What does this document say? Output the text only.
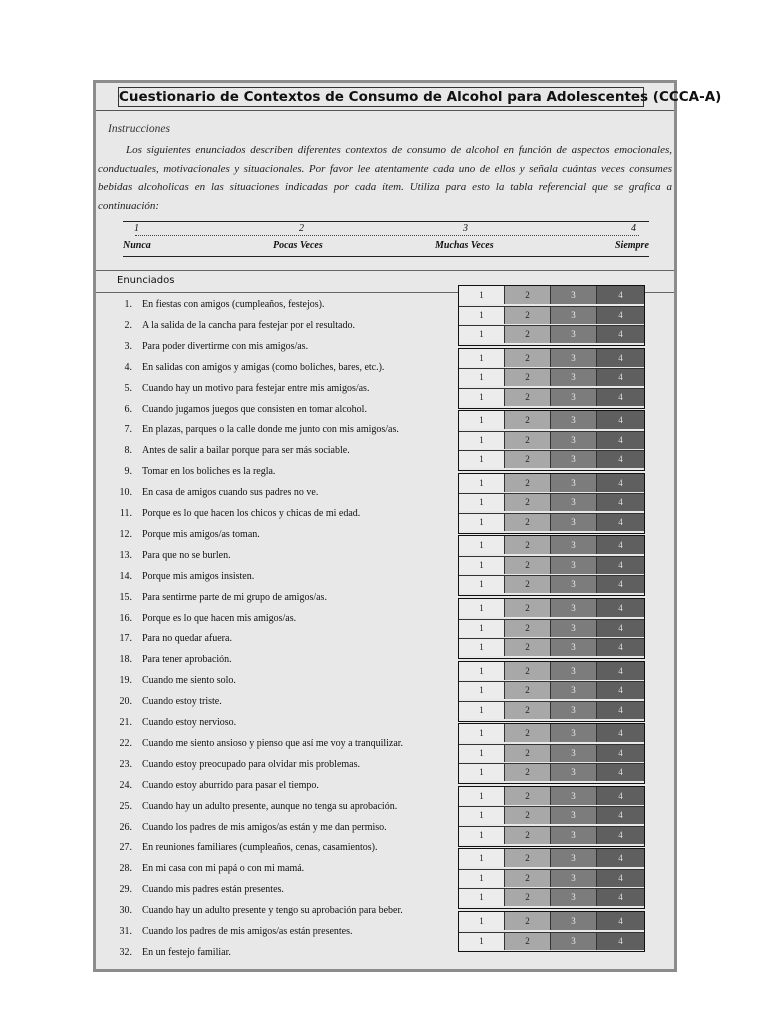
Cuestionario de Contextos de Consumo de Alcohol para Adolescentes (CCCA-A)
Instrucciones
Los siguientes enunciados describen diferentes contextos de consumo de alcohol en función de aspectos emocionales, conductuales, motivacionales y situacionales. Por favor lee atentamente cada uno de ellos y señala cuántas veces consumes bebidas alcoholicas en las situaciones indicadas por cada ítem. Utiliza para esto la tabla referencial que se grafica a continuación:
1	2	3	4
Nunca	Pocas Veces	Muchas Veces	Siempre
Enunciados
1. En fiestas con amigos (cumpleaños, festejos).
2. A la salida de la cancha para festejar por el resultado.
3. Para poder divertirme con mis amigos/as.
4. En salidas con amigos y amigas (como boliches, bares, etc.).
5. Cuando hay un motivo para festejar entre mis amigos/as.
6. Cuando jugamos juegos que consisten en tomar alcohol.
7. En plazas, parques o la calle donde me junto con mis amigos/as.
8. Antes de salir a bailar porque para ser más sociable.
9. Tomar en los boliches es la regla.
10. En casa de amigos cuando sus padres no ve.
11. Porque es lo que hacen los chicos y chicas de mi edad.
12. Porque mis amigos/as toman.
13. Para que no se burlen.
14. Porque mis amigos insisten.
15. Para sentirme parte de mi grupo de amigos/as.
16. Porque es lo que hacen mis amigos/as.
17. Para no quedar afuera.
18. Para tener aprobación.
19. Cuando me siento solo.
20. Cuando estoy triste.
21. Cuando estoy nervioso.
22. Cuando me siento ansioso y pienso que así me voy a tranquilizar.
23. Cuando estoy preocupado para olvidar mis problemas.
24. Cuando estoy aburrido para pasar el tiempo.
25. Cuando hay un adulto presente, aunque no tenga su aprobación.
26. Cuando los padres de mis amigos/as están y me dan permiso.
27. En reuniones familiares (cumpleaños, cenas, casamientos).
28. En mi casa con mi papá o con mi mamá.
29. Cuando mis padres están presentes.
30. Cuando hay un adulto presente y tengo su aprobación para beber.
31. Cuando los padres de mis amigos/as están presentes.
32. En un festejo familiar.
1	2	3	4
1	2	3	4
1	2	3	4
1	2	3	4
1	2	3	4
1	2	3	4
1	2	3	4
1	2	3	4
1	2	3	4
1	2	3	4
1	2	3	4
1	2	3	4
1	2	3	4
1	2	3	4
1	2	3	4
1	2	3	4
1	2	3	4
1	2	3	4
1	2	3	4
1	2	3	4
1	2	3	4
1	2	3	4
1	2	3	4
1	2	3	4
1	2	3	4
1	2	3	4
1	2	3	4
1	2	3	4
1	2	3	4
1	2	3	4
1	2	3	4
1	2	3	4
